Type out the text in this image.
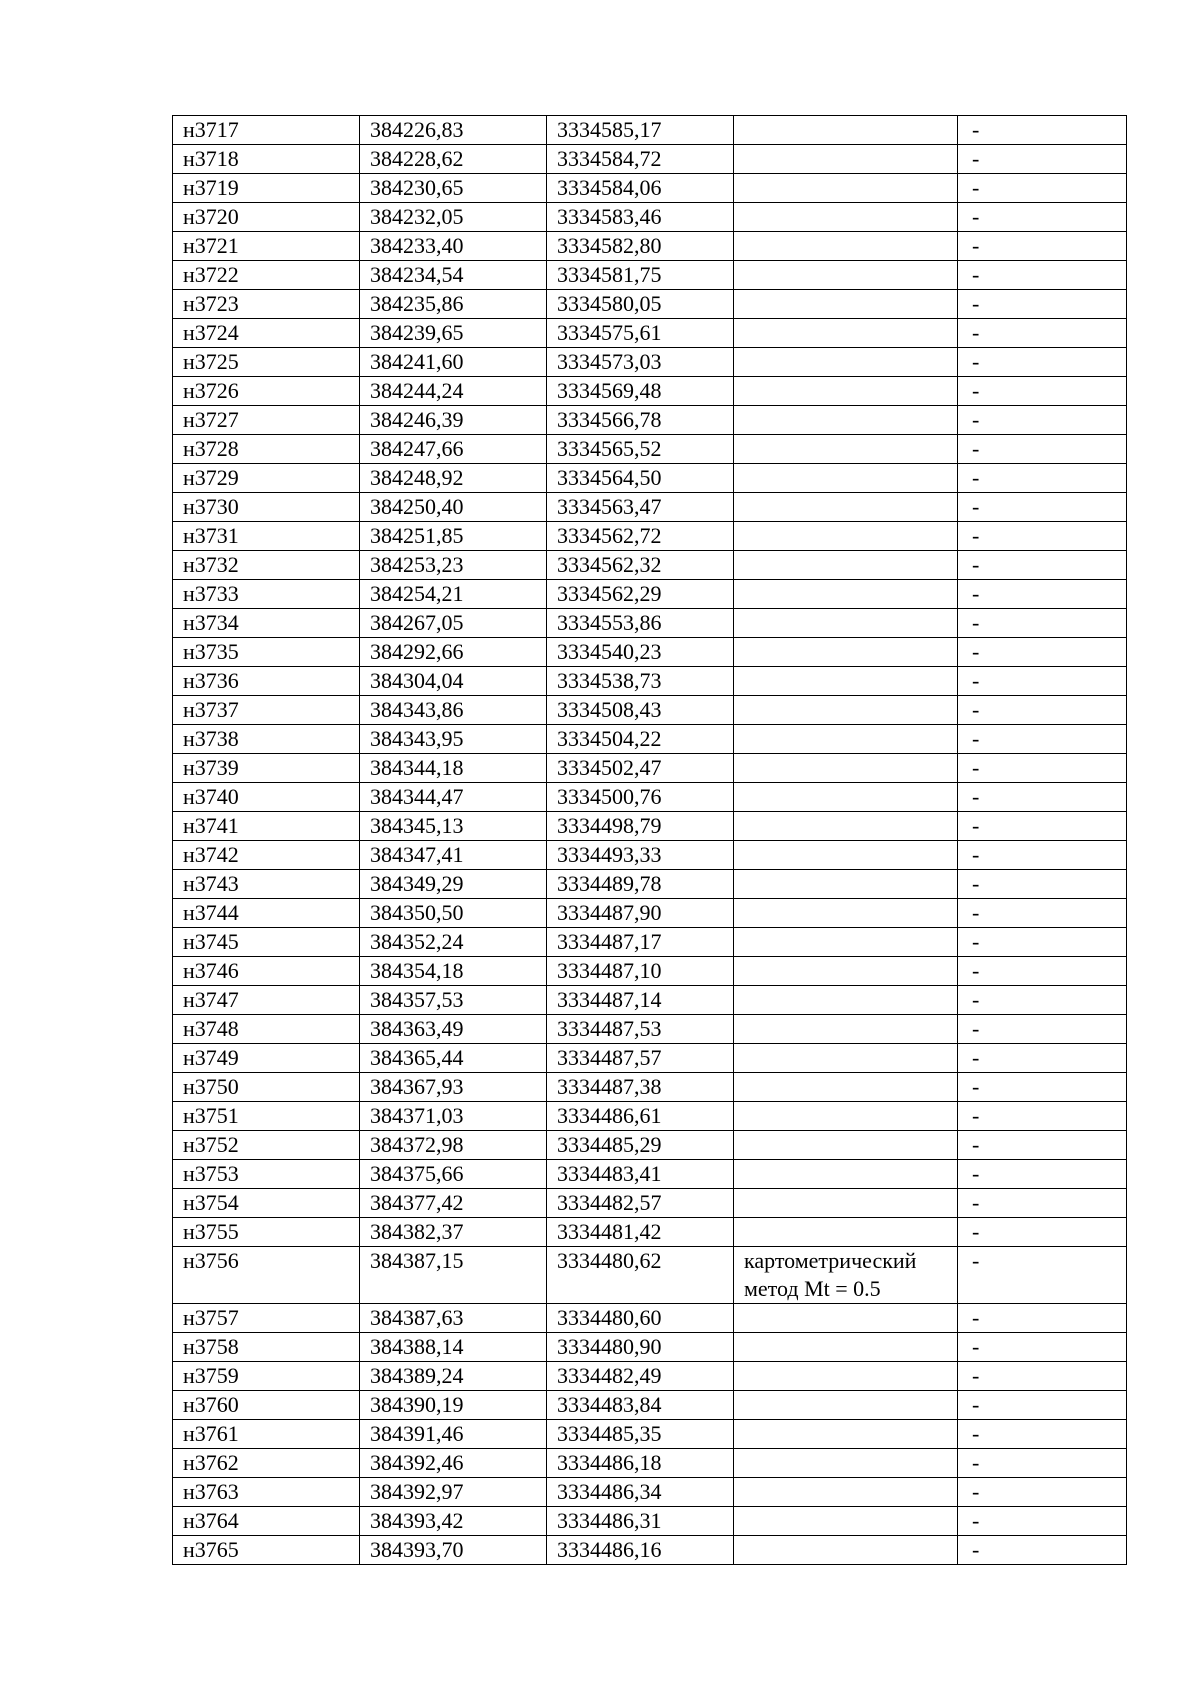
н3717	384226,83	3334585,17		-
н3718	384228,62	3334584,72		-
н3719	384230,65	3334584,06		-
н3720	384232,05	3334583,46		-
н3721	384233,40	3334582,80		-
н3722	384234,54	3334581,75		-
н3723	384235,86	3334580,05		-
н3724	384239,65	3334575,61		-
н3725	384241,60	3334573,03		-
н3726	384244,24	3334569,48		-
н3727	384246,39	3334566,78		-
н3728	384247,66	3334565,52		-
н3729	384248,92	3334564,50		-
н3730	384250,40	3334563,47		-
н3731	384251,85	3334562,72		-
н3732	384253,23	3334562,32		-
н3733	384254,21	3334562,29		-
н3734	384267,05	3334553,86		-
н3735	384292,66	3334540,23		-
н3736	384304,04	3334538,73		-
н3737	384343,86	3334508,43		-
н3738	384343,95	3334504,22		-
н3739	384344,18	3334502,47		-
н3740	384344,47	3334500,76		-
н3741	384345,13	3334498,79		-
н3742	384347,41	3334493,33		-
н3743	384349,29	3334489,78		-
н3744	384350,50	3334487,90		-
н3745	384352,24	3334487,17		-
н3746	384354,18	3334487,10		-
н3747	384357,53	3334487,14		-
н3748	384363,49	3334487,53		-
н3749	384365,44	3334487,57		-
н3750	384367,93	3334487,38		-
н3751	384371,03	3334486,61		-
н3752	384372,98	3334485,29		-
н3753	384375,66	3334483,41		-
н3754	384377,42	3334482,57		-
н3755	384382,37	3334481,42		-
н3756	384387,15	3334480,62	картометрический метод Mt = 0.5	-
н3757	384387,63	3334480,60		-
н3758	384388,14	3334480,90		-
н3759	384389,24	3334482,49		-
н3760	384390,19	3334483,84		-
н3761	384391,46	3334485,35		-
н3762	384392,46	3334486,18		-
н3763	384392,97	3334486,34		-
н3764	384393,42	3334486,31		-
н3765	384393,70	3334486,16		-
